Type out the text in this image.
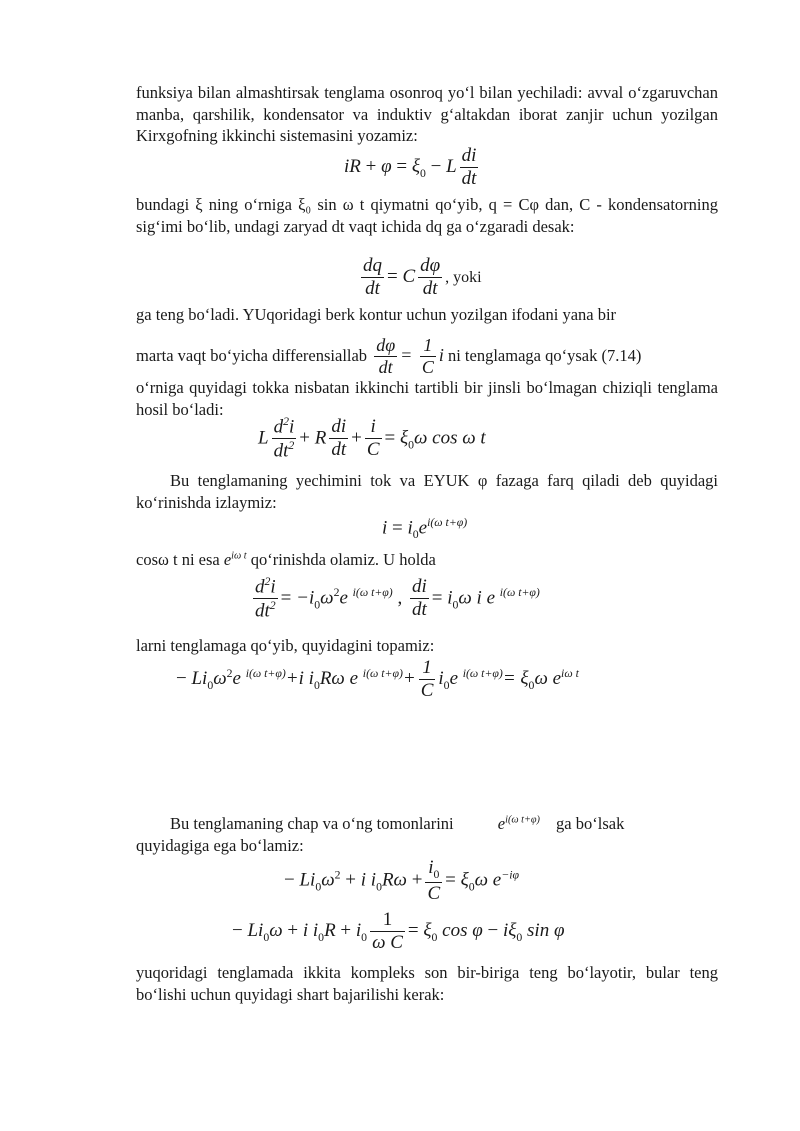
funksiya bilan almashtirsak tenglama osonroq yo‘l bilan yechiladi: avval o‘zgaruvchan manba, qarshilik, kondensator va induktiv g‘altakdan iborat zanjir uchun yozilgan Kirxgofning ikkinchi sistemasini yozamiz:

iR + $\varphi = \xi_0 - L \frac{di}{dt}$

bundagi ξ ning o‘rniga ξ₀ sin ω t qiymatni qo‘yib, q = Cφ dan, C - kondensatorning sig‘imi bo‘lib, undagi zaryad dt vaqt ichida dq ga o‘zgaradi desak:

$\frac{dq}{dt} = C \frac{d\varphi}{dt}$ , yoki
ga teng bo‘ladi. YUqoridagi berk kontur uchun yozilgan ifodani yana bir
marta vaqt bo‘yicha differensiallab $\frac{d\varphi}{dt} = \frac{1}{C}$ i ni tenglamaga qo‘ysak (7.14)

o‘rniga quyidagi tokka nisbatan ikkinchi tartibli bir jinsli bo‘lmagan chiziqli tenglama hosil bo‘ladi:

L $\frac{d^2i}{dt^2} + R \frac{di}{dt} + \frac{i}{C} = \xi_0\omega$ cos ω t

Bu tenglamaning yechimini tok va EYUK φ fazaga farq qiladi deb quyidagi ko‘rinishda izlaymiz:

$i = i_0e^{i(\omega t+\varphi)}$
cosω t ni esa $e^{i\omega t}$ qo‘rinishda olamiz. U holda
$\frac{d^2i}{dt^2} = -i_0\omega^2e$ $^{i(\omega t+\varphi)}$ , $\frac{di}{dt} = i_0\omega$ i e $^{i(\omega t+\varphi)}$
larni tenglamaga qo‘yib, quyidagini topamiz:
− $Li_0\omega^2e$ $^{i(\omega t+\varphi)}$+i $i_0R\omega$ e $^{i(\omega t+\varphi)}+ \frac{1}{C} i_0e$ $^{i(\omega t+\varphi)}= \xi_0\omega$ $e^{i\omega t}$
Bu tenglamaning chap va o‘ng tomonlarini	$e^{i(\omega t+\varphi)}$ ga bo‘lsak
quyidagiga ega bo‘lamiz:
− $Li_0\omega^2 + i$ $i_0R\omega + \frac{i_0}{C} = \xi_0\omega$ $e^{-i\varphi}$
− $Li_0\omega + i$ $i_0R + i_0 \frac{1}{\text{ω C}} = \xi_0$ $\cos \varphi - i\xi_0$ sin φ

yuqoridagi tenglamada ikkita kompleks son bir-biriga teng bo‘layotir, bular teng bo‘lishi uchun quyidagi shart bajarilishi kerak:
